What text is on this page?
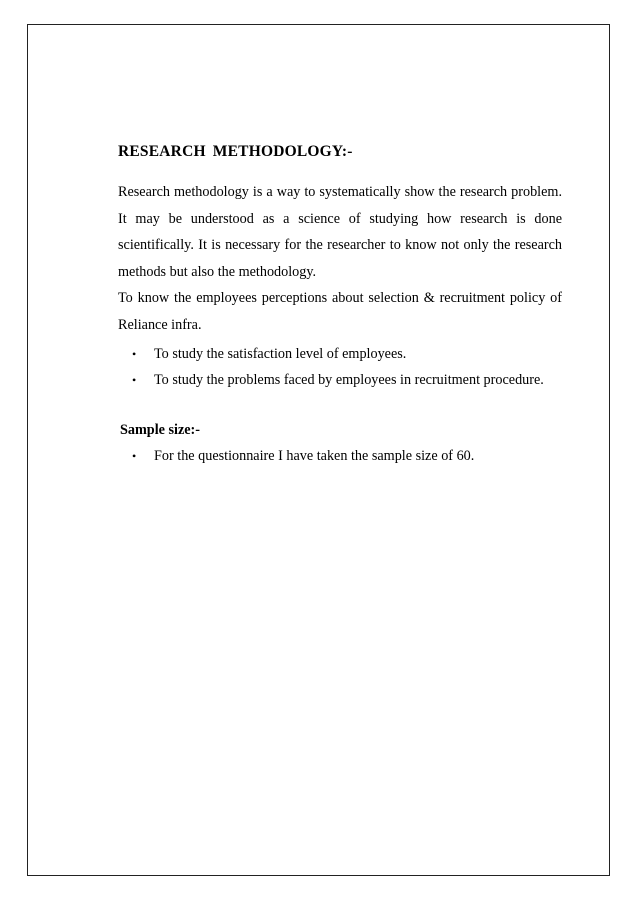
RESEARCH METHODOLOGY:-

Research methodology is a way to systematically show the research problem. It may be understood as a science of studying how research is done scientifically. It is necessary for the researcher to know not only the research methods but also the methodology.

To know the employees perceptions about selection & recruitment policy of Reliance infra.

• To study the satisfaction level of employees.
• To study the problems faced by employees in recruitment procedure.
Sample size:-
• For the questionnaire I have taken the sample size of 60.
